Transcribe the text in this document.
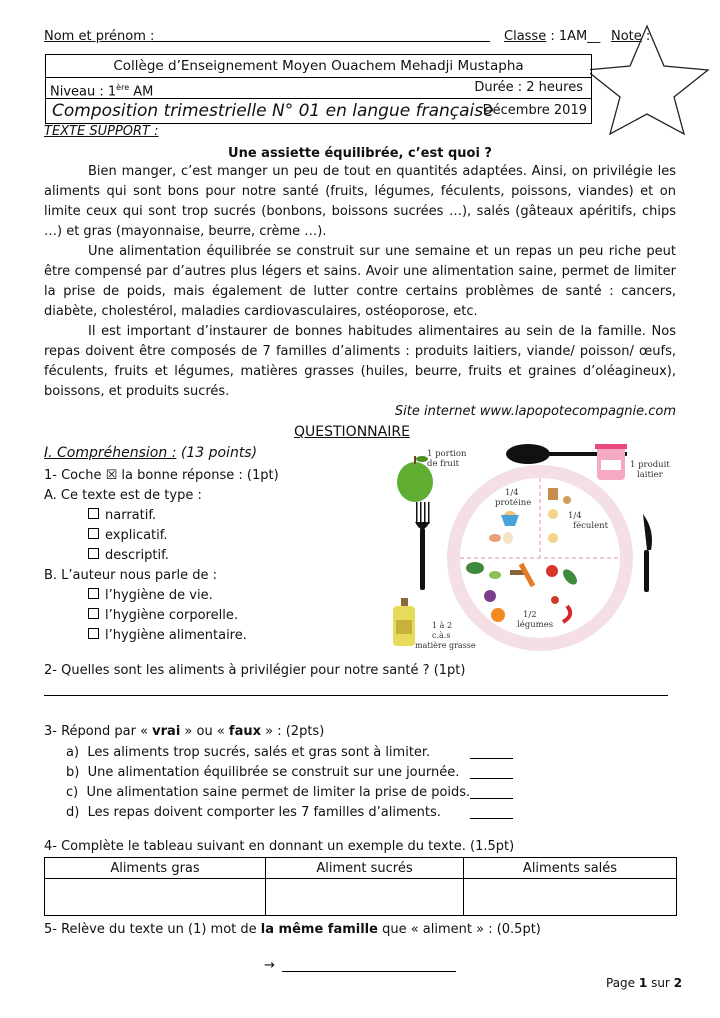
Nom et prénom :	Classe : 1AM__ Note :
Collège d’Enseignement Moyen Ouachem Mehadji Mustapha
Niveau : 1ère AM	Durée : 2 heures
Composition trimestrielle N° 01 en langue française
Décembre 2019
TEXTE SUPPORT :
Une assiette équilibrée, c’est quoi ?

Bien manger, c’est manger un peu de tout en quantités adaptées. Ainsi, on privilégie les aliments qui sont bons pour notre santé (fruits, légumes, féculents, poissons, viandes) et on limite ceux qui sont trop sucrés (bonbons, boissons sucrées …), salés (gâteaux apéritifs, chips …) et gras (mayonnaise, beurre, crème …).

Une alimentation équilibrée se construit sur une semaine et un repas un peu riche peut être compensé par d’autres plus légers et sains. Avoir une alimentation saine, permet de limiter la prise de poids, mais également de lutter contre certains problèmes de santé : cancers, diabète, cholestérol, maladies cardiovasculaires, ostéoporose, etc.

Il est important d’instaurer de bonnes habitudes alimentaires au sein de la famille. Nos repas doivent être composés de 7 familles d’aliments : produits laitiers, viande/ poisson/ œufs, féculents, fruits et légumes, matières grasses (huiles, beurre, fruits et graines d’oléagineux), boissons, et produits sucrés.

Site internet www.lapopotecompagnie.com
QUESTIONNAIRE
I. Compréhension : (13 points)
1- Coche ☒ la bonne réponse : (1pt)
A. Ce texte est de type :
narratif.
explicatif.
descriptif.
B. L’auteur nous parle de :
l’hygiène de vie.
l’hygiène corporelle.
l’hygiène alimentaire.
1 portion
de fruit	1 produit
laitier
1/4
protéine
1/4
féculent
1/2
légumes
1 à 2
c.à.s
matière grasse
2- Quelles sont les aliments à privilégier pour notre santé ? (1pt)
3- Répond par « vrai » ou « faux » : (2pts)
a) Les aliments trop sucrés, salés et gras sont à limiter.
b) Une alimentation équilibrée se construit sur une journée.
c) Une alimentation saine permet de limiter la prise de poids.
d) Les repas doivent comporter les 7 familles d’aliments.
4- Complète le tableau suivant en donnant un exemple du texte. (1.5pt)
Aliments gras	Aliment sucrés	Aliments salés

5- Relève du texte un (1) mot de la même famille que « aliment » : (0.5pt)
→
Page 1 sur 2
